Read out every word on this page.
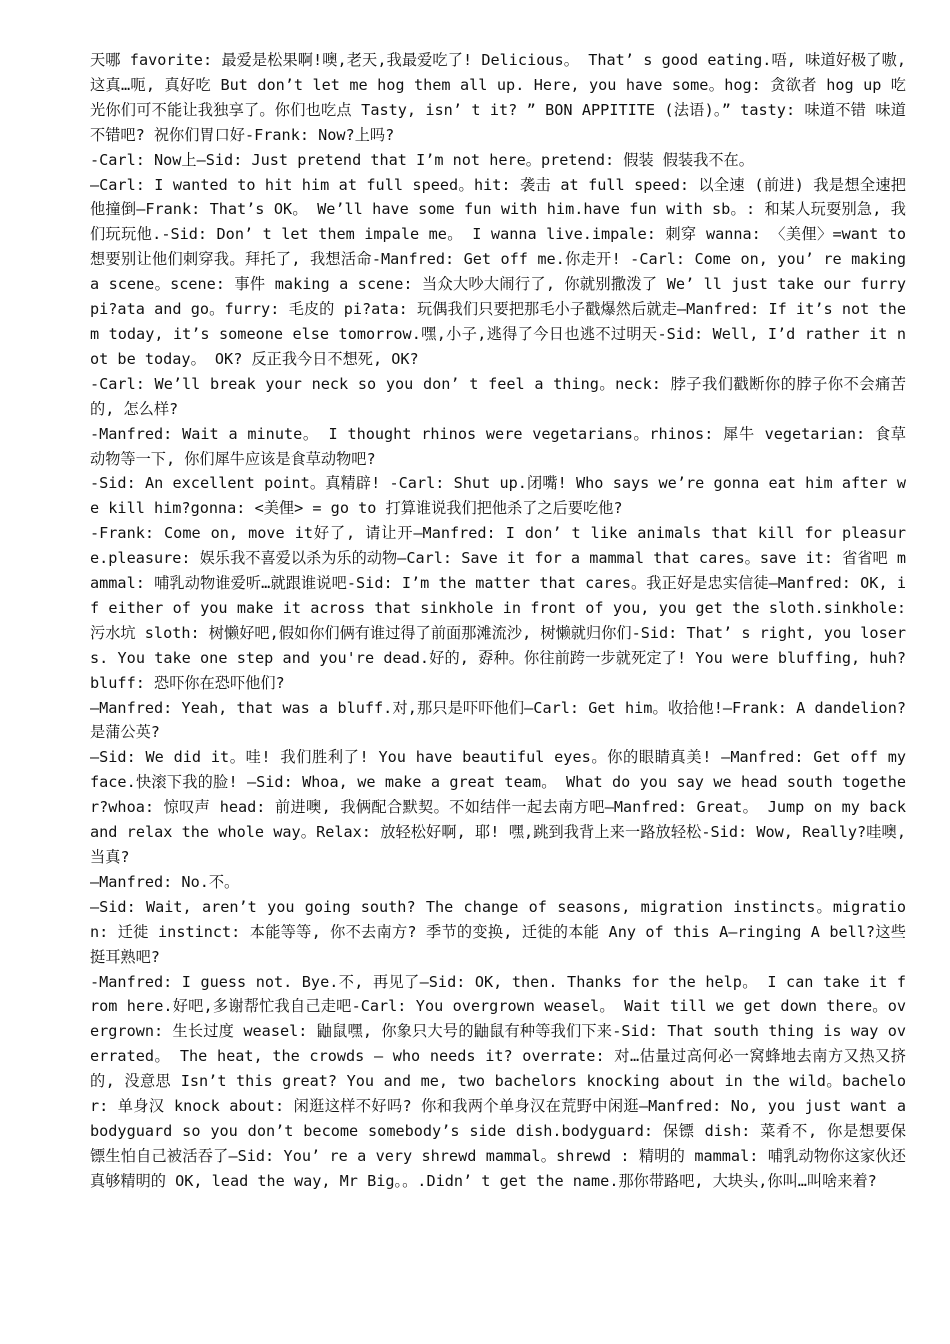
天哪 favorite: 最爱是松果啊!噢,老天,我最爱吃了! Delicious。 That’ s good eating.唔, 味道好极了嗷, 这真…呃, 真好吃 But don’t let me hog them all up. Here, you have some。hog: 贪欲者 hog up 吃光你们可不能让我独享了。你们也吃点 Tasty, isn’ t it? ” BON APPITITE (法语)。” tasty: 味道不错 味道不错吧? 祝你们胃口好-Frank: Now?上吗?

-Carl: Now上—Sid: Just pretend that I’m not here。pretend: 假装 假装我不在。

—Carl: I wanted to hit him at full speed。hit: 袭击 at full speed: 以全速 (前进) 我是想全速把他撞倒—Frank: That’s OK。 We’ll have some fun with him.have fun with sb。: 和某人玩耍别急, 我们玩玩他.-Sid: Don’ t let them impale me。 I wanna live.impale: 刺穿 wanna: 〈美俚〉=want to 想要别让他们刺穿我。拜托了, 我想活命-Manfred: Get off me.你走开! -Carl: Come on, you’ re making a scene。scene: 事件 making a scene: 当众大吵大闹行了, 你就别撒泼了 We’ ll just take our furry pi?ata and go。furry: 毛皮的 pi?ata: 玩偶我们只要把那毛小子戳爆然后就走—Manfred: If it’s not them today, it’s someone else tomorrow.嘿,小子,逃得了今日也逃不过明天-Sid: Well, I’d rather it not be today。 OK? 反正我今日不想死, OK?

-Carl: We’ll break your neck so you don’ t feel a thing。neck: 脖子我们戳断你的脖子你不会痛苦的, 怎么样?

-Manfred: Wait a minute。 I thought rhinos were vegetarians。rhinos: 犀牛 vegetarian: 食草动物等一下, 你们犀牛应该是食草动物吧?

-Sid: An excellent point。真精辟! -Carl: Shut up.闭嘴! Who says we’re gonna eat him after we kill him?gonna: <美俚> = go to 打算谁说我们把他杀了之后要吃他?

-Frank: Come on, move it好了, 请让开—Manfred: I don’ t like animals that kill for pleasure.pleasure: 娱乐我不喜爱以杀为乐的动物—Carl: Save it for a mammal that cares。save it: 省省吧 mammal: 哺乳动物谁爱听…就跟谁说吧-Sid: I’m the matter that cares。我正好是忠实信徒—Manfred: OK, if either of you make it across that sinkhole in front of you, you get the sloth.sinkhole: 污水坑 sloth: 树懒好吧,假如你们俩有谁过得了前面那滩流沙, 树懒就归你们-Sid: That’ s right, you losers. You take one step and you're dead.好的, 孬种。你往前跨一步就死定了! You were bluffing, huh? bluff: 恐吓你在恐吓他们?

—Manfred: Yeah, that was a bluff.对,那只是吓吓他们—Carl: Get him。收拾他!—Frank: A dandelion? 是蒲公英?

—Sid: We did it。哇! 我们胜利了! You have beautiful eyes。你的眼睛真美! —Manfred: Get off my face.快滚下我的脸! —Sid: Whoa, we make a great team。 What do you say we head south together?whoa: 惊叹声 head: 前进噢, 我俩配合默契。不如结伴一起去南方吧—Manfred: Great。 Jump on my back and relax the whole way。Relax: 放轻松好啊, 耶! 嘿,跳到我背上来一路放轻松-Sid: Wow, Really?哇噢, 当真?

—Manfred: No.不。

—Sid: Wait, aren’t you going south? The change of seasons, migration instincts。migration: 迁徙 instinct: 本能等等, 你不去南方? 季节的变换, 迁徙的本能 Any of this A—ringing A bell?这些挺耳熟吧?

-Manfred: I guess not. Bye.不, 再见了—Sid: OK, then. Thanks for the help。 I can take it from here.好吧,多谢帮忙我自己走吧-Carl: You overgrown weasel。 Wait till we get down there。overgrown: 生长过度 weasel: 鼬鼠嘿, 你象只大号的鼬鼠有种等我们下来-Sid: That south thing is way overrated。 The heat, the crowds — who needs it? overrate: 对…估量过高何必一窝蜂地去南方又热又挤的, 没意思 Isn’t this great? You and me, two bachelors knocking about in the wild。bachelor: 单身汉 knock about: 闲逛这样不好吗? 你和我两个单身汉在荒野中闲逛—Manfred: No, you just want a bodyguard so you don’t become somebody’s side dish.bodyguard: 保镖 dish: 菜肴不, 你是想要保镖生怕自己被活吞了—Sid: You’ re a very shrewd mammal。shrewd : 精明的 mammal: 哺乳动物你这家伙还真够精明的 OK, lead the way, Mr Big。。.Didn’ t get the name.那你带路吧, 大块头,你叫…叫啥来着?
